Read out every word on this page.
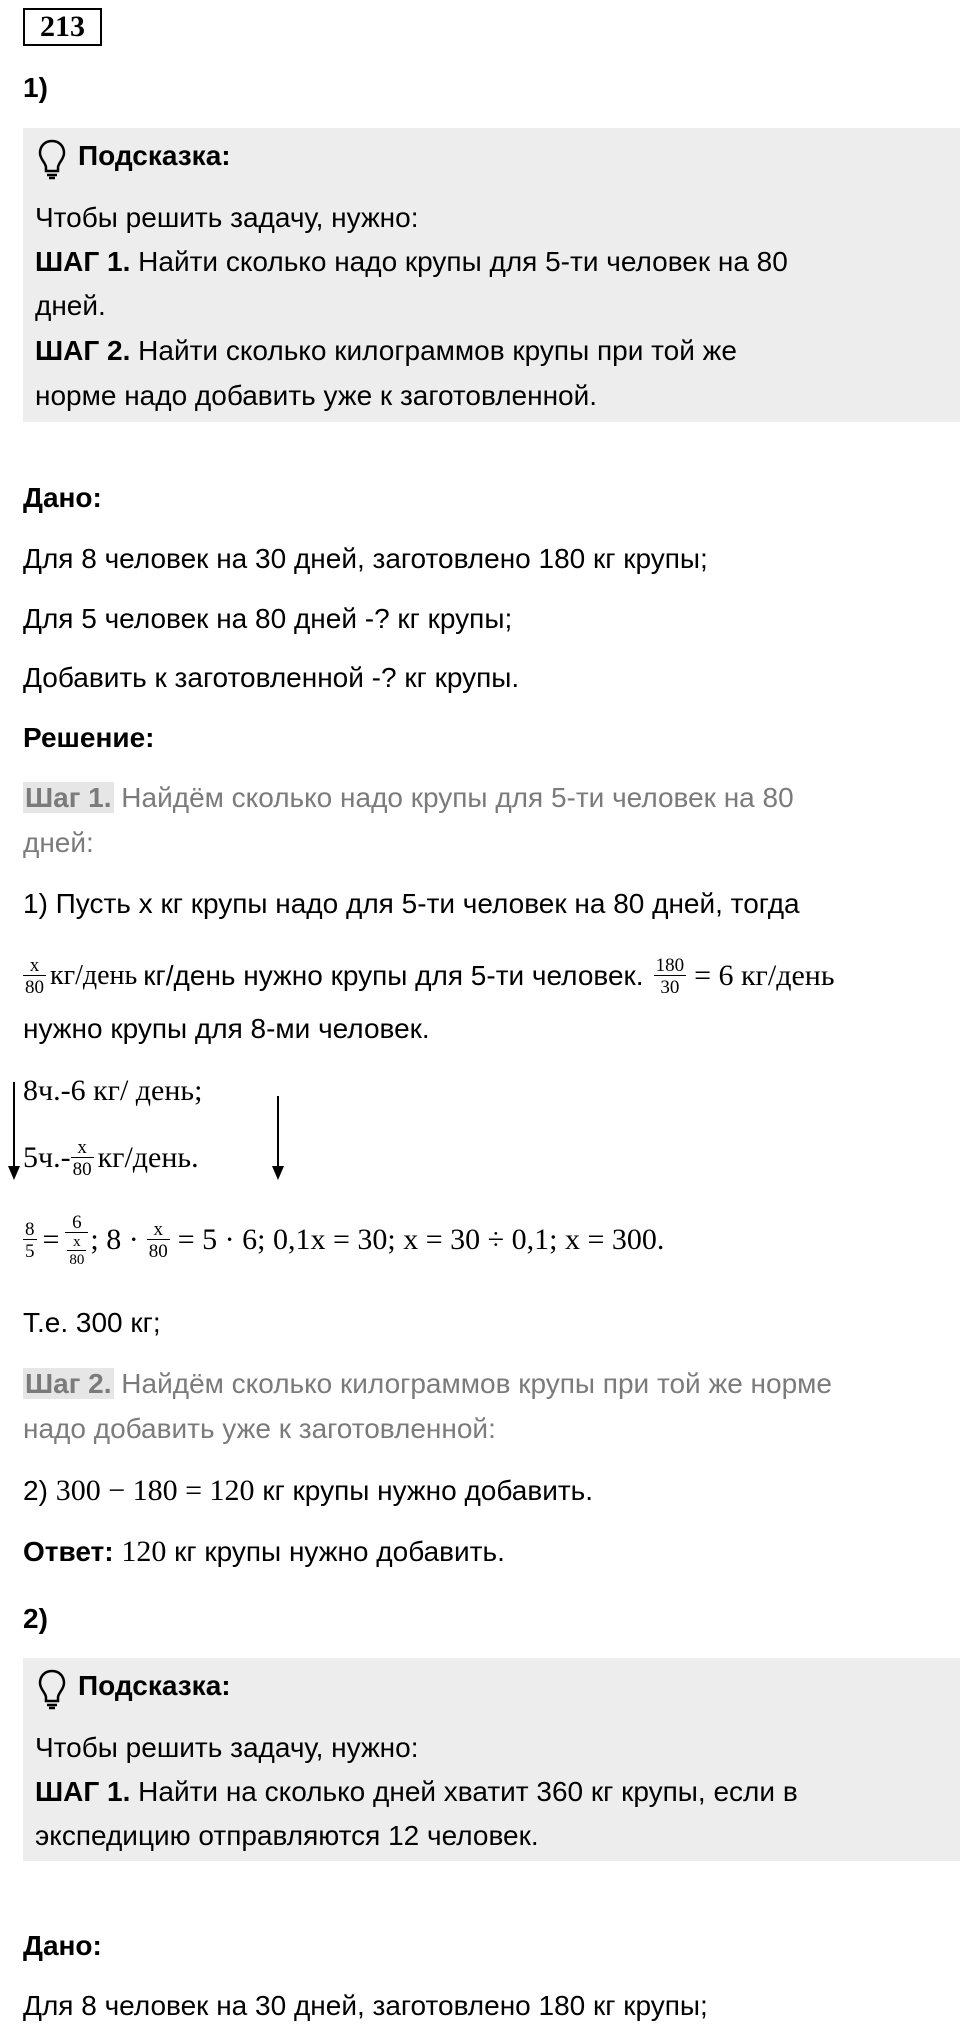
213
1)
Подсказка:
Чтобы решить задачу, нужно:
ШАГ 1. Найти сколько надо крупы для 5-ти человек на 80
дней.
ШАГ 2. Найти сколько килограммов крупы при той же
норме надо добавить уже к заготовленной.
Дано:
Для 8 человек на 30 дней, заготовлено 180 кг крупы;
Для 5 человек на 80 дней -? кг крупы;
Добавить к заготовленной -? кг крупы.
Решение:
Шаг 1. Найдём сколько надо крупы для 5-ти человек на 80
дней:
1) Пусть х кг крупы надо для 5-ти человек на 80 дней, тогда
$\frac{x}{80}$ кг/день кг/день нужно крупы для 5-ти человек. $\frac{180}{30} = 6$ кг/день
нужно крупы для 8-ми человек.
8ч.-6 кг/ день;
$5ч.- \frac{x}{80}$ кг/день.
$\frac{8}{5} = \frac{6}{\frac{x}{80}}$ ; $8 \cdot \frac{x}{80} = 5 \cdot 6$; 0,1x = 30; x = 30 ÷ 0,1; x = 300.
Т.е. 300 кг;
Шаг 2. Найдём сколько килограммов крупы при той же норме
надо добавить уже к заготовленной:
2) 300 − 180 = 120 кг крупы нужно добавить.
Ответ: 120 кг крупы нужно добавить.
2)
Подсказка:
Чтобы решить задачу, нужно:
ШАГ 1. Найти на сколько дней хватит 360 кг крупы, если в
экспедицию отправляются 12 человек.
Дано:
Для 8 человек на 30 дней, заготовлено 180 кг крупы;
